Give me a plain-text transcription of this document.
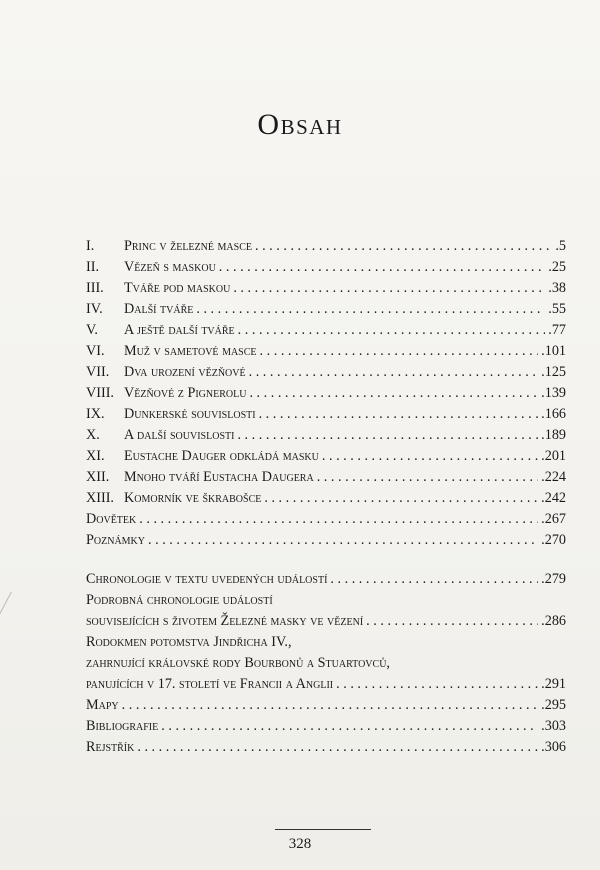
Obsah
I.	Princ v železné masce . . .	.5
II.	Vězeň s maskou . . .	.25
III.	Tváře pod maskou . . .	.38
IV.	Další tváře . . .	.55
V.	A ještě další tváře . . .	.77
VI.	Muž v sametové masce . . .	.101
VII.	Dva urození vězňové . . .	.125
VIII. Vězňové z Pignerolu . . .	.139
IX.	Dunkerské souvislosti . . .	.166
X.	A další souvislosti . . .	.189
XI.	Eustache Dauger odkládá masku . . .	.201
XII.	Mnoho tváří Eustacha Daugera . . .	.224
XIII. Komorník ve škrabošce . . .	.242
Dovětek . . .	.267
Poznámky . . .	.270
Chronologie v textu uvedených událostí . . .	.279
Podrobná chronologie událostí
souvisejících s životem Železné masky ve vězení . . .	.286
Rodokmen potomstva Jindřicha IV.,
zahrnující královské rody Bourbonů a Stuartovců,
panujících v 17. století ve Francii a Anglii . . .	.291
Mapy . . .	.295
Bibliografie . . .	.303
Rejstřík . . .	.306
328
